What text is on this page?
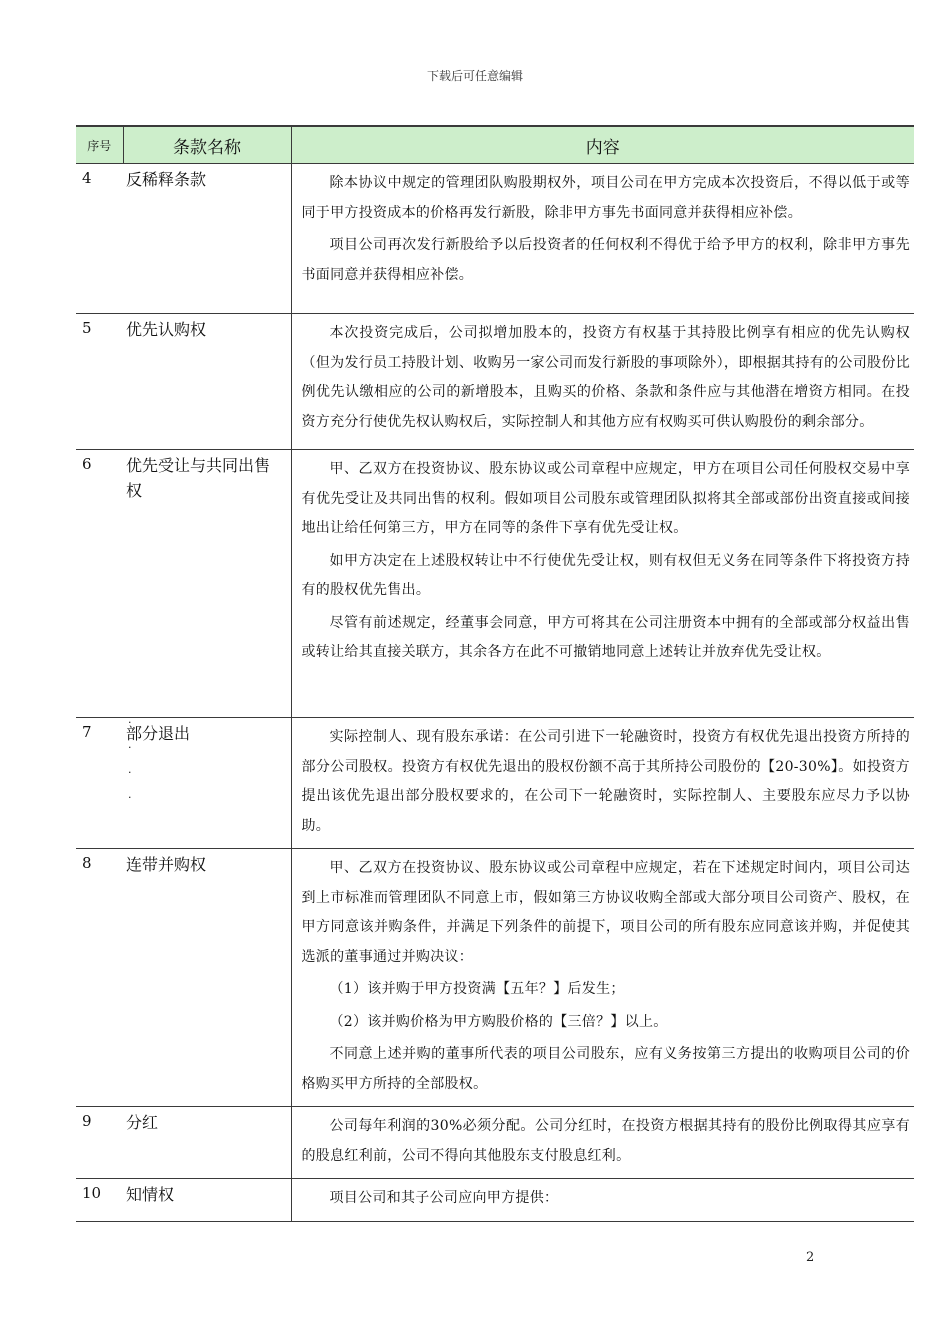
下载后可任意编辑
序号	条款名称	内容
4	反稀释条款	除本协议中规定的管理团队购股期权外，项目公司在甲方完成本次投资后，不得以低于或等同于甲方投资成本的价格再发行新股，除非甲方事先书面同意并获得相应补偿。

项目公司再次发行新股给予以后投资者的任何权利不得优于给予甲方的权利，除非甲方事先书面同意并获得相应补偿。

5	优先认购权	本次投资完成后，公司拟增加股本的，投资方有权基于其持股比例享有相应的优先认购权（但为发行员工持股计划、收购另一家公司而发行新股的事项除外），即根据其持有的公司股份比例优先认缴相应的公司的新增股本，且购买的价格、条款和条件应与其他潜在增资方相同。在投资方充分行使优先权认购权后，实际控制人和其他方应有权购买可供认购股份的剩余部分。

6	优先受让与共同出售权	甲、乙双方在投资协议、股东协议或公司章程中应规定，甲方在项目公司任何股权交易中享有优先受让及共同出售的权利。假如项目公司股东或管理团队拟将其全部或部份出资直接或间接地出让给任何第三方，甲方在同等的条件下享有优先受让权。

如甲方决定在上述股权转让中不行使优先受让权，则有权但无义务在同等条件下将投资方持有的股权优先售出。

尽管有前述规定，经董事会同意，甲方可将其在公司注册资本中拥有的全部或部分权益出售或转让给其直接关联方，其余各方在此不可撤销地同意上述转让并放弃优先受让权。

7	部分退出	实际控制人、现有股东承诺：在公司引进下一轮融资时，投资方有权优先退出投资方所持的部分公司股权。投资方有权优先退出的股权份额不高于其所持公司股份的【20-30%】。如投资方提出该优先退出部分股权要求的，在公司下一轮融资时，实际控制人、主要股东应尽力予以协助。

8	连带并购权	甲、乙双方在投资协议、股东协议或公司章程中应规定，若在下述规定时间内，项目公司达到上市标准而管理团队不同意上市，假如第三方协议收购全部或大部分项目公司资产、股权，在甲方同意该并购条件，并满足下列条件的前提下，项目公司的所有股东应同意该并购，并促使其选派的董事通过并购决议：

（1）该并购于甲方投资满【五年？】后发生；

（2）该并购价格为甲方购股价格的【三倍？】以上。

不同意上述并购的董事所代表的项目公司股东，应有义务按第三方提出的收购项目公司的价格购买甲方所持的全部股权。

9	分红	公司每年利润的30%必须分配。公司分红时，在投资方根据其持有的股份比例取得其应享有的股息红利前，公司不得向其他股东支付股息红利。

10	知情权	项目公司和其子公司应向甲方提供：

2
